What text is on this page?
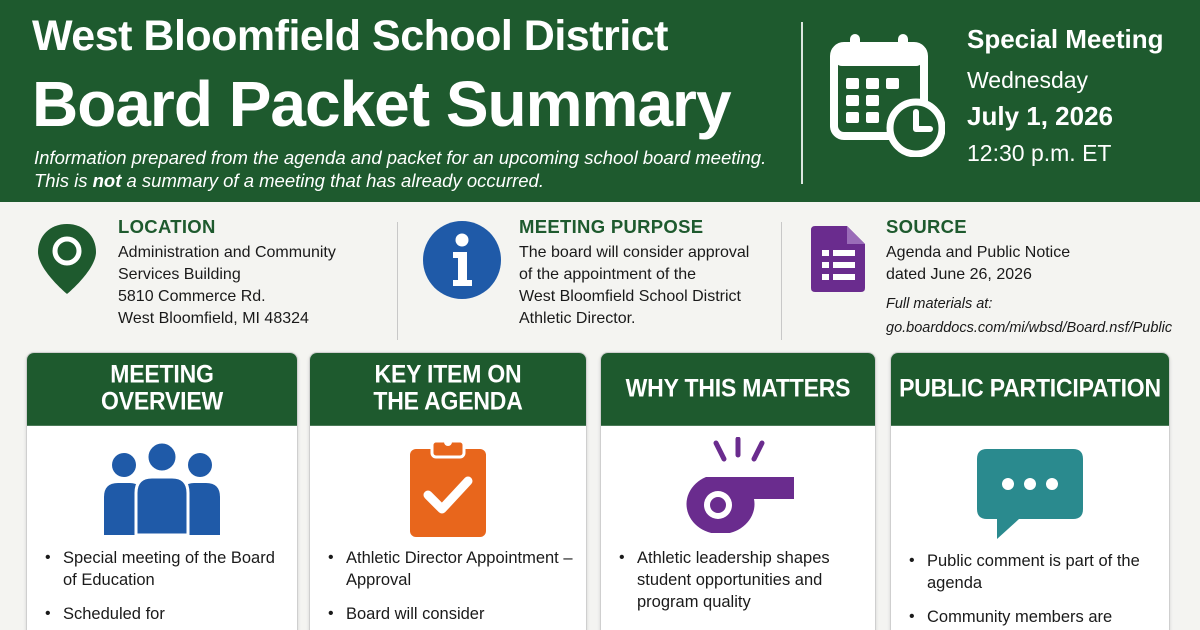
West Bloomfield School District
Board Packet Summary
Information prepared from the agenda and packet for an upcoming school board meeting. This is not a summary of a meeting that has already occurred.
Special Meeting
Wednesday
July 1, 2026
12:30 p.m. ET
LOCATION
Administration and Community
Services Building
5810 Commerce Rd.
West Bloomfield, MI 48324
MEETING PURPOSE
The board will consider approval
of the appointment of the
West Bloomfield School District
Athletic Director.
SOURCE
Agenda and Public Notice
dated June 26, 2026
Full materials at:
go.boarddocs.com/mi/wbsd/Board.nsf/Public
MEETING
OVERVIEW
• Special meeting of the Board of Education
• Scheduled for
KEY ITEM ON
THE AGENDA
• Athletic Director Appointment – Approval
• Board will consider
WHY THIS MATTERS
• Athletic leadership shapes student opportunities and program quality
PUBLIC PARTICIPATION
• Public comment is part of the agenda
• Community members are
